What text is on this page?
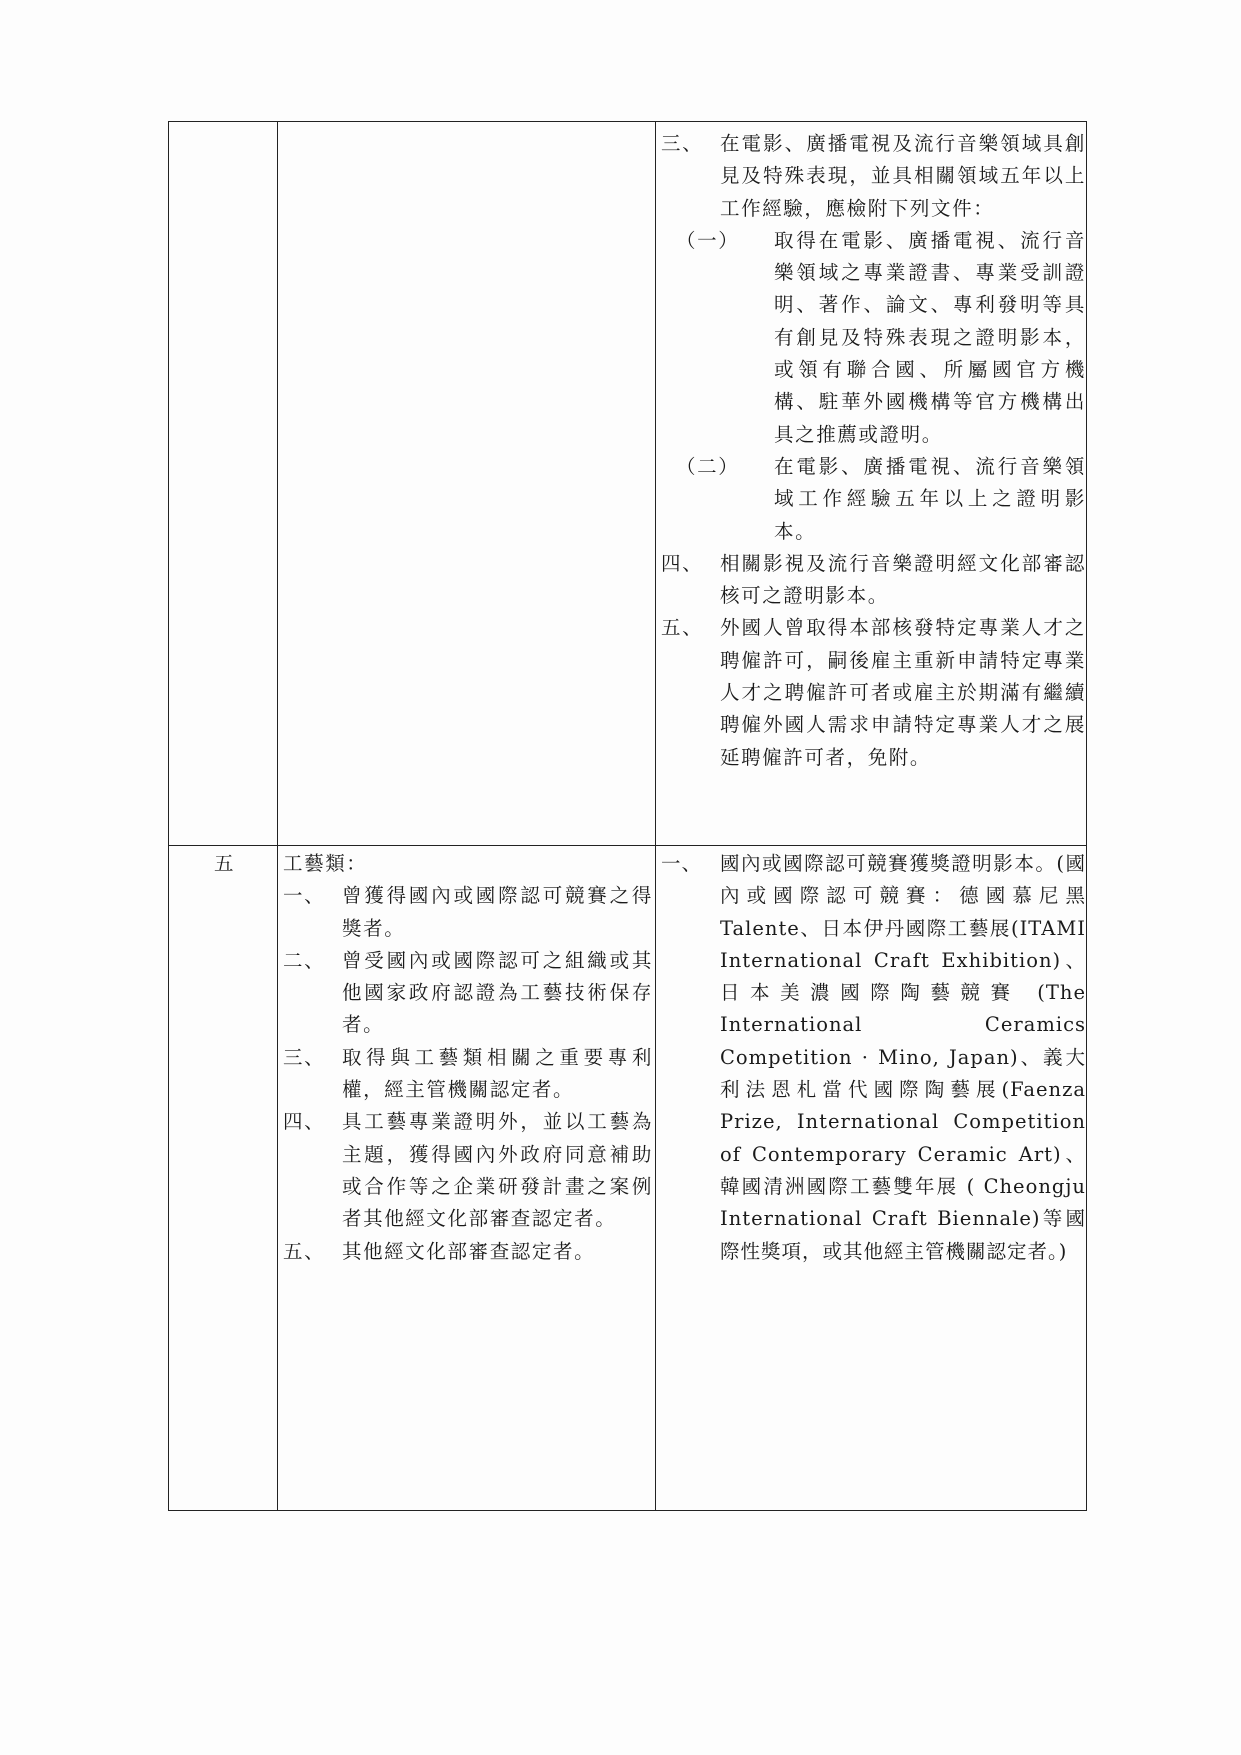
三、 在電影、廣播電視及流行音樂領域具創見及特殊表現，並具相關領域五年以上工作經驗，應檢附下列文件：
（一） 取得在電影、廣播電視、流行音樂領域之專業證書、專業受訓證明、著作、論文、專利發明等具 有創見及特殊表現之證明影本，或領有聯合國、所屬國官方機構、駐華外國機構等官方機構出具之推薦或證明。
（二） 在電影、廣播電視、流行音樂領域工作經驗五年以上之證明影本。
四、 相關影視及流行音樂證明經文化部審認核可之證明影本。
五、 外國人曾取得本部核發特定專業人才之聘僱許可，嗣後雇主重新申請特定專業人才之聘僱許可者或雇主於期滿有繼續聘僱外國人需求申請特定專業人才之展延聘僱許可者，免附。
五	工藝類：
一、 曾獲得國內或國際認可競賽之得獎者。
二、 曾受國內或國際認可之組織或其他國家政府認證為工藝技術保存者。
三、 取得與工藝類相關之重要專利權，經主管機關認定者。
四、 具工藝專業證明外，並以工藝為主題，獲得國內外政府同意補助或合作等之企業研發計畫之案例者其他經文化部審查認定者。
五、 其他經文化部審查認定者。
一、 國內或國際認可競賽獲獎證明影本。(國內或國際認可競賽：德國慕尼黑 Talente、日本伊丹國際工藝展(ITAMI International Craft Exhibition)、日本美濃國際陶藝競賽 (The International Ceramics Competition · Mino, Japan)、義大利法恩札當代國際陶藝展(Faenza Prize, International Competition of Contemporary Ceramic Art)、韓國清洲國際工藝雙年展 ( Cheongju International Craft Biennale)等國際性獎項，或其他經主管機關認定者。)
